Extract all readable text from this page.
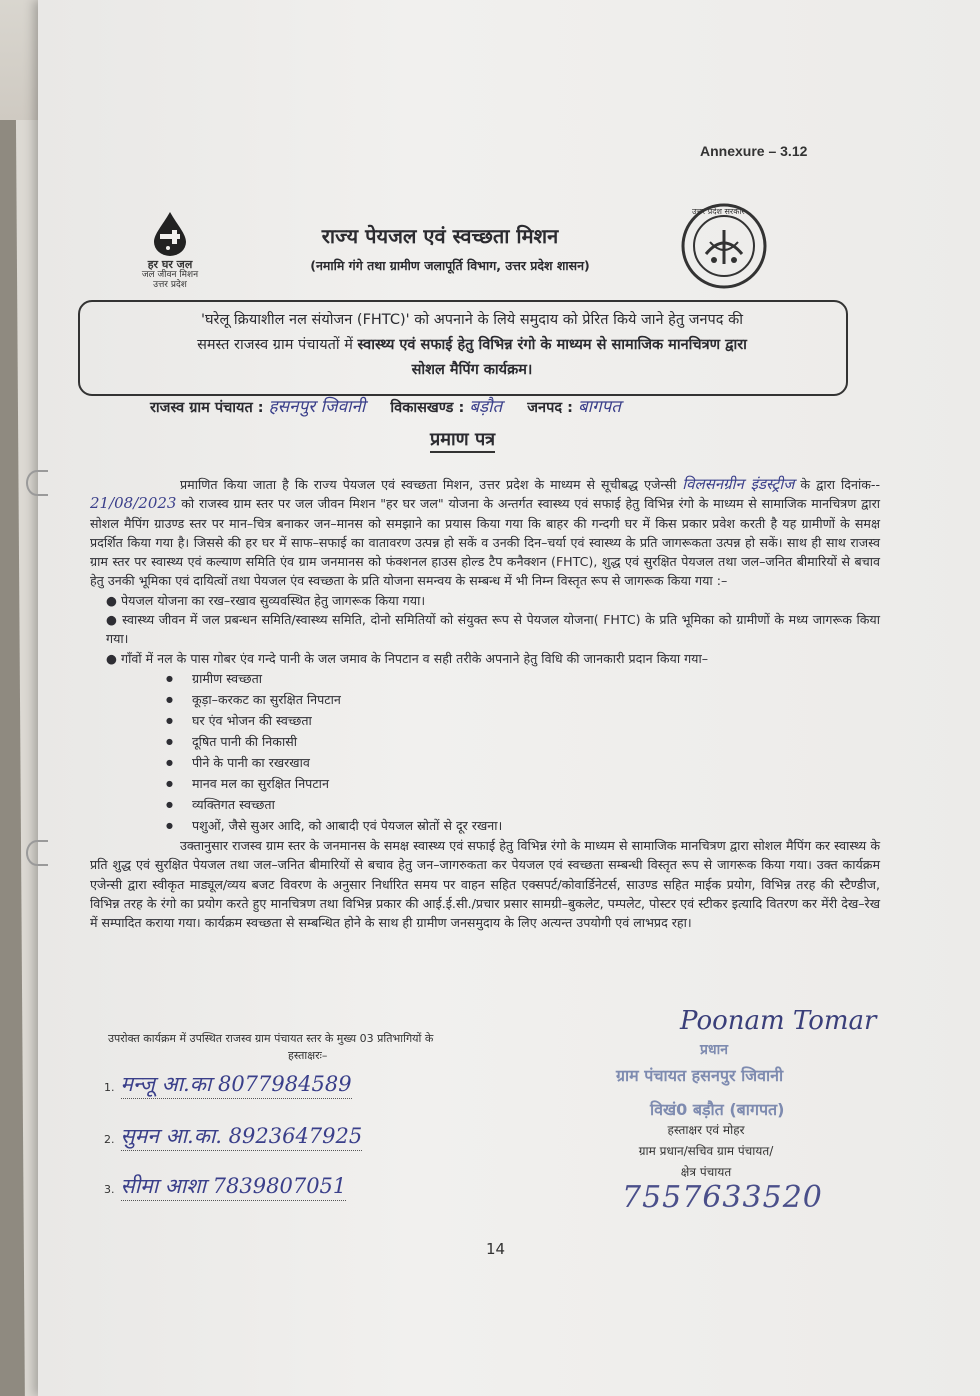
Annexure – 3.12
हर घर जल
जल जीवन मिशन
उत्तर प्रदेश
उत्तर प्रदेश सरकार
राज्य पेयजल एवं स्वच्छता मिशन
(नमामि गंगे तथा ग्रामीण जलापूर्ति विभाग, उत्तर प्रदेश शासन)
'घरेलू क्रियाशील नल संयोजन (FHTC)' को अपनाने के लिये समुदाय को प्रेरित किये जाने हेतु जनपद की
समस्त राजस्व ग्राम पंचायतों में स्वास्थ्य एवं सफाई हेतु विभिन्न रंगो के माध्यम से सामाजिक मानचित्रण द्वारा
सोशल मैपिंग कार्यक्रम।
राजस्व ग्राम पंचायत : हसनपुर जिवानी विकासखण्ड : बड़ौत जनपद : बागपत
प्रमाण पत्र

प्रमाणित किया जाता है कि राज्य पेयजल एवं स्वच्छता मिशन, उत्तर प्रदेश के माध्यम से सूचीबद्ध एजेन्सी विलसनग्रीन इंडस्ट्रीज के द्वारा दिनांक-- 21/08/2023 को राजस्व ग्राम स्तर पर जल जीवन मिशन "हर घर जल" योजना के अन्तर्गत स्वास्थ्य एवं सफाई हेतु विभिन्न रंगो के माध्यम से सामाजिक मानचित्रण द्वारा सोशल मैपिंग ग्राउण्ड स्तर पर मान–चित्र बनाकर जन–मानस को समझाने का प्रयास किया गया कि बाहर की गन्दगी घर में किस प्रकार प्रवेश करती है यह ग्रामीणों के समक्ष प्रदर्शित किया गया है। जिससे की हर घर में साफ–सफाई का वातावरण उत्पन्न हो सकें व उनकी दिन–चर्या एवं स्वास्थ्य के प्रति जागरूकता उत्पन्न हो सकें। साथ ही साथ राजस्व ग्राम स्तर पर स्वास्थ्य एवं कल्याण समिति एंव ग्राम जनमानस को फंक्शनल हाउस होल्ड टैप कनैक्शन (FHTC), शुद्ध एवं सुरक्षित पेयजल तथा जल–जनित बीमारियों से बचाव हेतु उनकी भूमिका एवं दायित्वों तथा पेयजल एंव स्वच्छता के प्रति योजना समन्वय के सम्बन्ध में भी निम्न विस्तृत रूप से जागरूक किया गया :–

● पेयजल योजना का रख–रखाव सुव्यवस्थित हेतु जागरूक किया गया।

● स्वास्थ्य जीवन में जल प्रबन्धन समिति/स्वास्थ्य समिति, दोनो समितियों को संयुक्त रूप से पेयजल योजना( FHTC) के प्रति भूमिका को ग्रामीणों के मध्य जागरूक किया गया।

● गाँवों में नल के पास गोबर एंव गन्दे पानी के जल जमाव के निपटान व सही तरीके अपनाने हेतु विधि की जानकारी प्रदान किया गया–

● ग्रामीण स्वच्छता
● कूड़ा–करकट का सुरक्षित निपटान
● घर एंव भोजन की स्वच्छता
● दूषित पानी की निकासी
● पीने के पानी का रखरखाव
● मानव मल का सुरक्षित निपटान
● व्यक्तिगत स्वच्छता
● पशुओं, जैसे सुअर आदि, को आबादी एवं पेयजल स्रोतों से दूर रखना।

उक्तानुसार राजस्व ग्राम स्तर के जनमानस के समक्ष स्वास्थ्य एवं सफाई हेतु विभिन्न रंगो के माध्यम से सामाजिक मानचित्रण द्वारा सोशल मैपिंग कर स्वास्थ्य के प्रति शुद्ध एवं सुरक्षित पेयजल तथा जल–जनित बीमारियों से बचाव हेतु जन–जागरुकता कर पेयजल एवं स्वच्छता सम्बन्धी विस्तृत रूप से जागरूक किया गया। उक्त कार्यक्रम एजेन्सी द्वारा स्वीकृत माड्यूल/व्यय बजट विवरण के अनुसार निर्धारित समय पर वाहन सहित एक्सपर्ट/कोवार्डिनेटर्स, साउण्ड सहित माईक प्रयोग, विभिन्न तरह की स्टैण्डीज, विभिन्न तरह के रंगो का प्रयोग करते हुए मानचित्रण तथा विभिन्न प्रकार की आई.ई.सी./प्रचार प्रसार सामग्री–बुकलेट, पम्पलेट, पोस्टर एवं स्टीकर इत्यादि वितरण कर मेंरी देख–रेख में सम्पादित कराया गया। कार्यक्रम स्वच्छता से सम्बन्धित होने के साथ ही ग्रामीण जनसमुदाय के लिए अत्यन्त उपयोगी एवं लाभप्रद रहा।

उपरोक्त कार्यक्रम में उपस्थित राजस्व ग्राम पंचायत स्तर के मुख्य 03 प्रतिभागियों के
हस्ताक्षरः–
1. मन्जू आ.का 8077984589
2. सुमन आ.का. 8923647925
3. सीमा आशा 7839807051
Poonam Tomar
प्रधान
ग्राम पंचायत हसनपुर जिवानी
विखं0 बड़ौत (बागपत)
हस्ताक्षर एवं मोहर
ग्राम प्रधान/सचिव ग्राम पंचायत/
क्षेत्र पंचायत
7557633520
14
